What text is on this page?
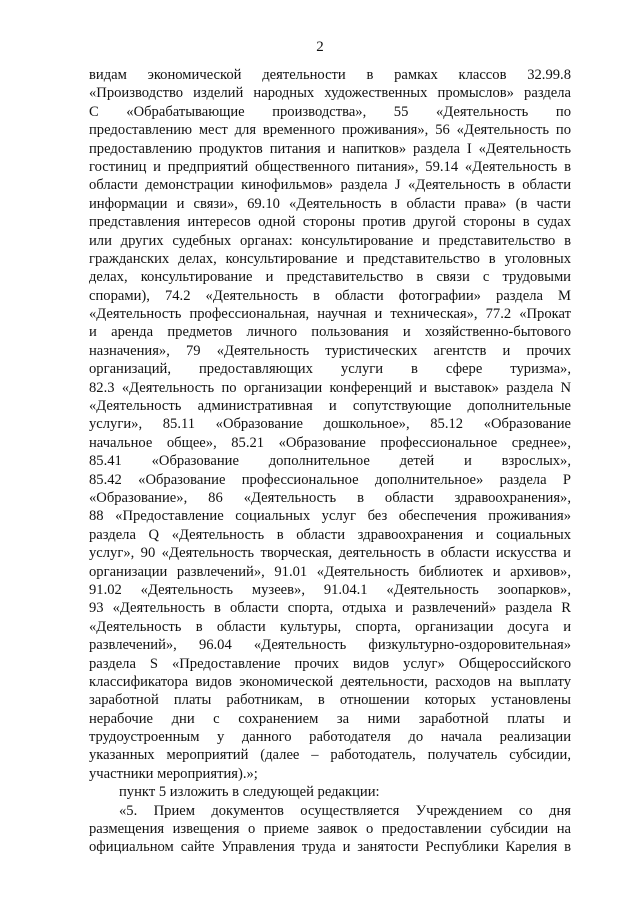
2
видам экономической деятельности в рамках классов 32.99.8
«Производство изделий народных художественных промыслов» раздела
С «Обрабатывающие производства», 55 «Деятельность по
предоставлению мест для временного проживания», 56 «Деятельность по
предоставлению продуктов питания и напитков» раздела I «Деятельность
гостиниц и предприятий общественного питания», 59.14 «Деятельность в
области демонстрации кинофильмов» раздела J «Деятельность в области
информации и связи», 69.10 «Деятельность в области права» (в части
представления интересов одной стороны против другой стороны в судах
или других судебных органах: консультирование и представительство в
гражданских делах, консультирование и представительство в уголовных
делах, консультирование и представительство в связи с трудовыми
спорами), 74.2 «Деятельность в области фотографии» раздела М
«Деятельность профессиональная, научная и техническая», 77.2 «Прокат
и аренда предметов личного пользования и хозяйственно-бытового
назначения», 79 «Деятельность туристических агентств и прочих
организаций, предоставляющих услуги в сфере туризма»,
82.3 «Деятельность по организации конференций и выставок» раздела N
«Деятельность административная и сопутствующие дополнительные
услуги», 85.11 «Образование дошкольное», 85.12 «Образование
начальное общее», 85.21 «Образование профессиональное среднее»,
85.41 «Образование дополнительное детей и взрослых»,
85.42 «Образование профессиональное дополнительное» раздела Р
«Образование», 86 «Деятельность в области здравоохранения»,
88 «Предоставление социальных услуг без обеспечения проживания»
раздела Q «Деятельность в области здравоохранения и социальных
услуг», 90 «Деятельность творческая, деятельность в области искусства и
организации развлечений», 91.01 «Деятельность библиотек и архивов»,
91.02 «Деятельность музеев», 91.04.1 «Деятельность зоопарков»,
93 «Деятельность в области спорта, отдыха и развлечений» раздела R
«Деятельность в области культуры, спорта, организации досуга и
развлечений», 96.04 «Деятельность физкультурно-оздоровительная»
раздела S «Предоставление прочих видов услуг» Общероссийского
классификатора видов экономической деятельности, расходов на выплату
заработной платы работникам, в отношении которых установлены
нерабочие дни с сохранением за ними заработной платы и
трудоустроенным у данного работодателя до начала реализации
указанных мероприятий (далее – работодатель, получатель субсидии,
участники мероприятия).»;
пункт 5 изложить в следующей редакции:
«5. Прием документов осуществляется Учреждением со дня
размещения извещения о приеме заявок о предоставлении субсидии на
официальном сайте Управления труда и занятости Республики Карелия в
